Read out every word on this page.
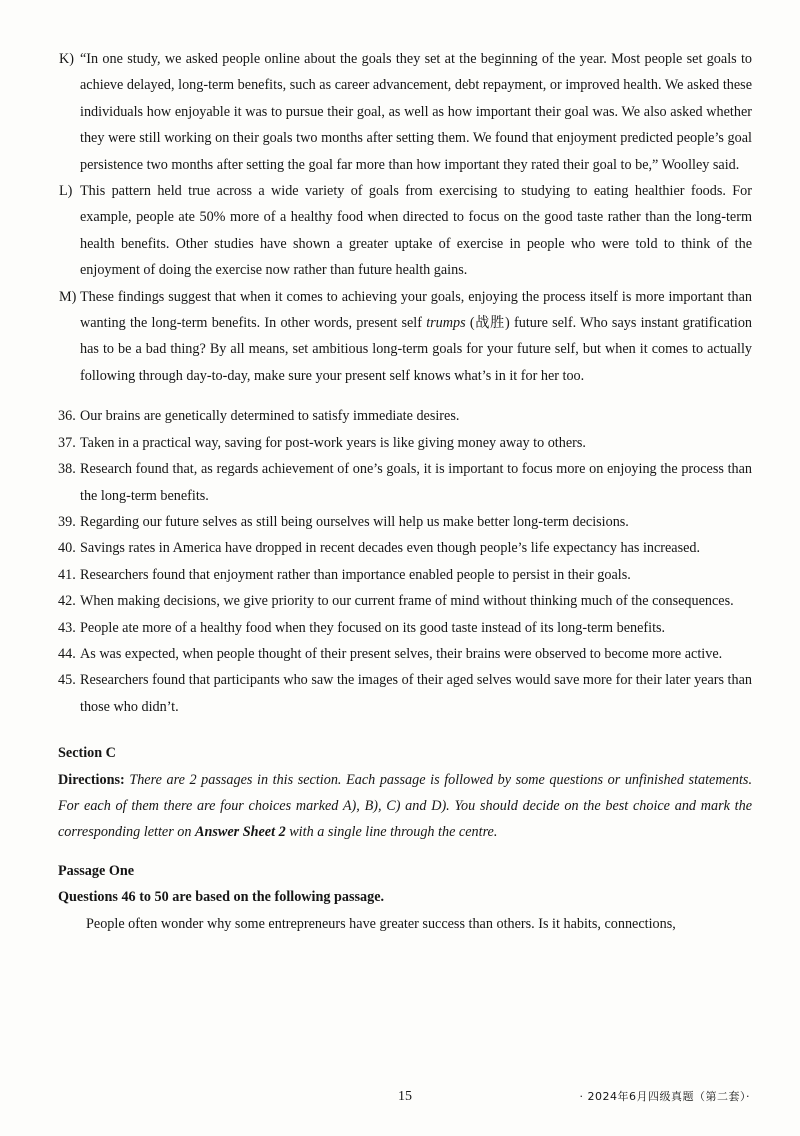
K) “In one study, we asked people online about the goals they set at the beginning of the year. Most people set goals to achieve delayed, long-term benefits, such as career advancement, debt repayment, or improved health. We asked these individuals how enjoyable it was to pursue their goal, as well as how important their goal was. We also asked whether they were still working on their goals two months after setting them. We found that enjoyment predicted people’s goal persistence two months after setting the goal far more than how important they rated their goal to be,” Woolley said.
L) This pattern held true across a wide variety of goals from exercising to studying to eating healthier foods. For example, people ate 50% more of a healthy food when directed to focus on the good taste rather than the long-term health benefits. Other studies have shown a greater uptake of exercise in people who were told to think of the enjoyment of doing the exercise now rather than future health gains.
M) These findings suggest that when it comes to achieving your goals, enjoying the process itself is more important than wanting the long-term benefits. In other words, present self trumps (战胜) future self. Who says instant gratification has to be a bad thing? By all means, set ambitious long-term goals for your future self, but when it comes to actually following through day-to-day, make sure your present self knows what’s in it for her too.
36. Our brains are genetically determined to satisfy immediate desires.
37. Taken in a practical way, saving for post-work years is like giving money away to others.
38. Research found that, as regards achievement of one’s goals, it is important to focus more on enjoying the process than the long-term benefits.
39. Regarding our future selves as still being ourselves will help us make better long-term decisions.
40. Savings rates in America have dropped in recent decades even though people’s life expectancy has increased.
41. Researchers found that enjoyment rather than importance enabled people to persist in their goals.
42. When making decisions, we give priority to our current frame of mind without thinking much of the consequences.
43. People ate more of a healthy food when they focused on its good taste instead of its long-term benefits.
44. As was expected, when people thought of their present selves, their brains were observed to become more active.
45. Researchers found that participants who saw the images of their aged selves would save more for their later years than those who didn’t.
Section C
Directions: There are 2 passages in this section. Each passage is followed by some questions or unfinished statements. For each of them there are four choices marked A), B), C) and D). You should decide on the best choice and mark the corresponding letter on Answer Sheet 2 with a single line through the centre.
Passage One
Questions 46 to 50 are based on the following passage.
People often wonder why some entrepreneurs have greater success than others. Is it habits, connections,
15	· 2024年6月四级真题（第二套）·
